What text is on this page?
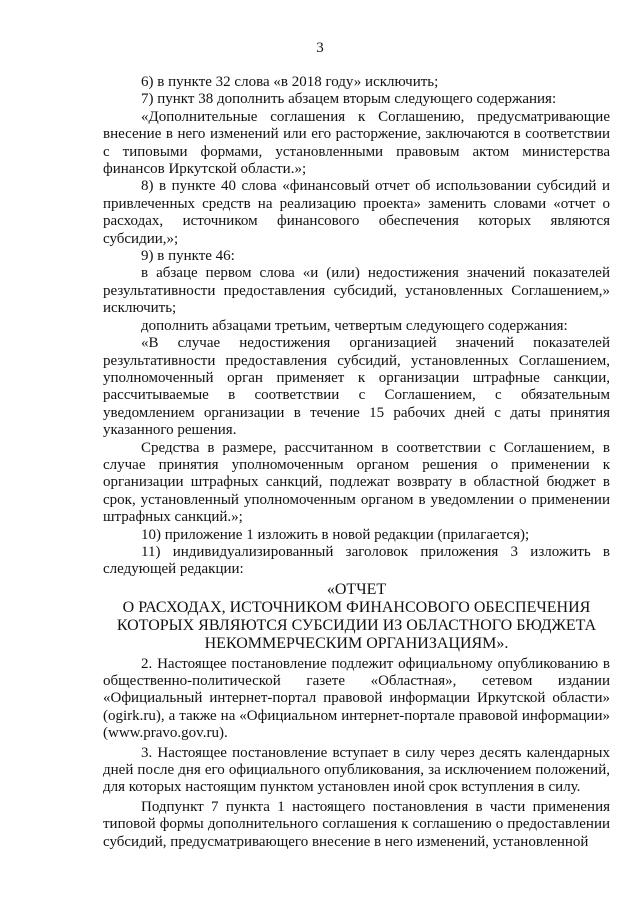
3

6) в пункте 32 слова «в 2018 году» исключить;

7) пункт 38 дополнить абзацем вторым следующего содержания:

«Дополнительные соглашения к Соглашению, предусматривающие внесение в него изменений или его расторжение, заключаются в соответствии с типовыми формами, установленными правовым актом министерства финансов Иркутской области.»;

8) в пункте 40 слова «финансовый отчет об использовании субсидий и привлеченных средств на реализацию проекта» заменить словами «отчет о расходах, источником финансового обеспечения которых являются субсидии,»;

9) в пункте 46:

в абзаце первом слова «и (или) недостижения значений показателей результативности предоставления субсидий, установленных Соглашением,» исключить;

дополнить абзацами третьим, четвертым следующего содержания:

«В случае недостижения организацией значений показателей результативности предоставления субсидий, установленных Соглашением, уполномоченный орган применяет к организации штрафные санкции, рассчитываемые в соответствии с Соглашением, с обязательным уведомлением организации в течение 15 рабочих дней с даты принятия указанного решения.

Средства в размере, рассчитанном в соответствии с Соглашением, в случае принятия уполномоченным органом решения о применении к организации штрафных санкций, подлежат возврату в областной бюджет в срок, установленный уполномоченным органом в уведомлении о применении штрафных санкций.»;

10) приложение 1 изложить в новой редакции (прилагается);

11) индивидуализированный заголовок приложения 3 изложить в следующей редакции:

«ОТЧЕТ

О РАСХОДАХ, ИСТОЧНИКОМ ФИНАНСОВОГО ОБЕСПЕЧЕНИЯ

КОТОРЫХ ЯВЛЯЮТСЯ СУБСИДИИ ИЗ ОБЛАСТНОГО БЮДЖЕТА

НЕКОММЕРЧЕСКИМ ОРГАНИЗАЦИЯМ».

2. Настоящее постановление подлежит официальному опубликованию в общественно-политической газете «Областная», сетевом издании «Официальный интернет-портал правовой информации Иркутской области» (ogirk.ru), а также на «Официальном интернет-портале правовой информации» (www.pravo.gov.ru).

3. Настоящее постановление вступает в силу через десять календарных дней после дня его официального опубликования, за исключением положений, для которых настоящим пунктом установлен иной срок вступления в силу.

Подпункт 7 пункта 1 настоящего постановления в части применения типовой формы дополнительного соглашения к соглашению о предоставлении субсидий, предусматривающего внесение в него изменений, установленной
